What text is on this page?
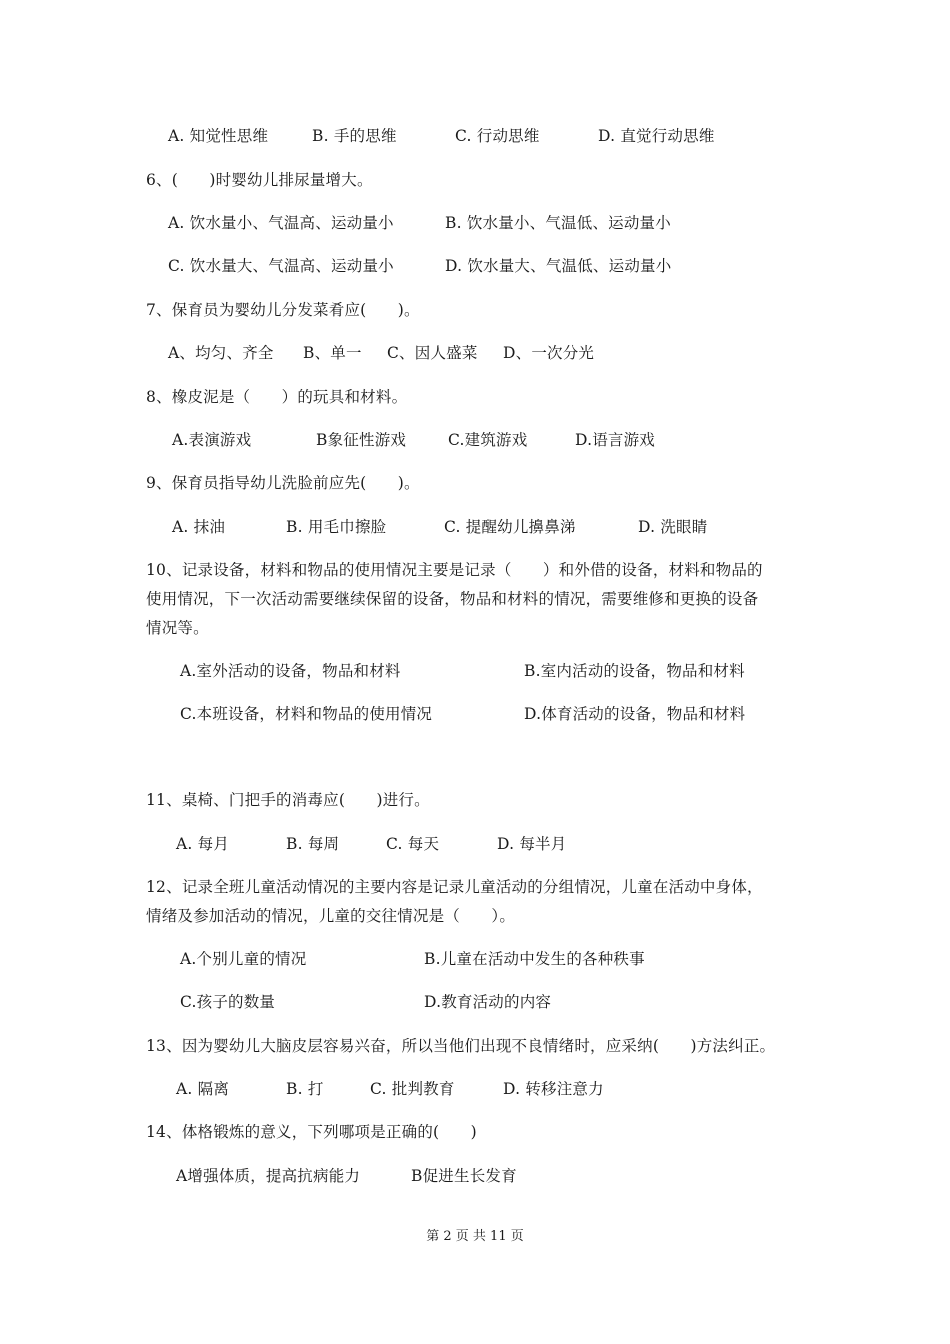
A. 知觉性思维	B. 手的思维	C. 行动思维	D. 直觉行动思维
6、(　　)时婴幼儿排尿量增大。
A. 饮水量小、气温高、运动量小	B. 饮水量小、气温低、运动量小
C. 饮水量大、气温高、运动量小	D. 饮水量大、气温低、运动量小
7、保育员为婴幼儿分发菜肴应(　　)。
A、均匀、齐全 B、单一 C、因人盛菜 D、一次分光
8、橡皮泥是（　　）的玩具和材料。
A.表演游戏	B象征性游戏	C.建筑游戏	D.语言游戏
9、保育员指导幼儿洗脸前应先(　　)。
A. 抹油	B. 用毛巾擦脸	C. 提醒幼儿擤鼻涕	D. 洗眼睛
10、记录设备，材料和物品的使用情况主要是记录（　　）和外借的设备，材料和物品的
使用情况，下一次活动需要继续保留的设备，物品和材料的情况，需要维修和更换的设备
情况等。
A.室外活动的设备，物品和材料	B.室内活动的设备，物品和材料
C.本班设备，材料和物品的使用情况	D.体育活动的设备，物品和材料
11、桌椅、门把手的消毒应(　　)进行。
A. 每月	B. 每周	C. 每天	D. 每半月
12、记录全班儿童活动情况的主要内容是记录儿童活动的分组情况，儿童在活动中身体，
情绪及参加活动的情况，儿童的交往情况是（　　）。
A.个别儿童的情况	B.儿童在活动中发生的各种秩事
C.孩子的数量	D.教育活动的内容
13、因为婴幼儿大脑皮层容易兴奋，所以当他们出现不良情绪时，应采纳(　　)方法纠正。
A. 隔离	B. 打	C. 批判教育	D. 转移注意力
14、体格锻炼的意义，下列哪项是正确的(　　)
A增强体质，提高抗病能力	B促进生长发育
第 2 页 共 11 页
